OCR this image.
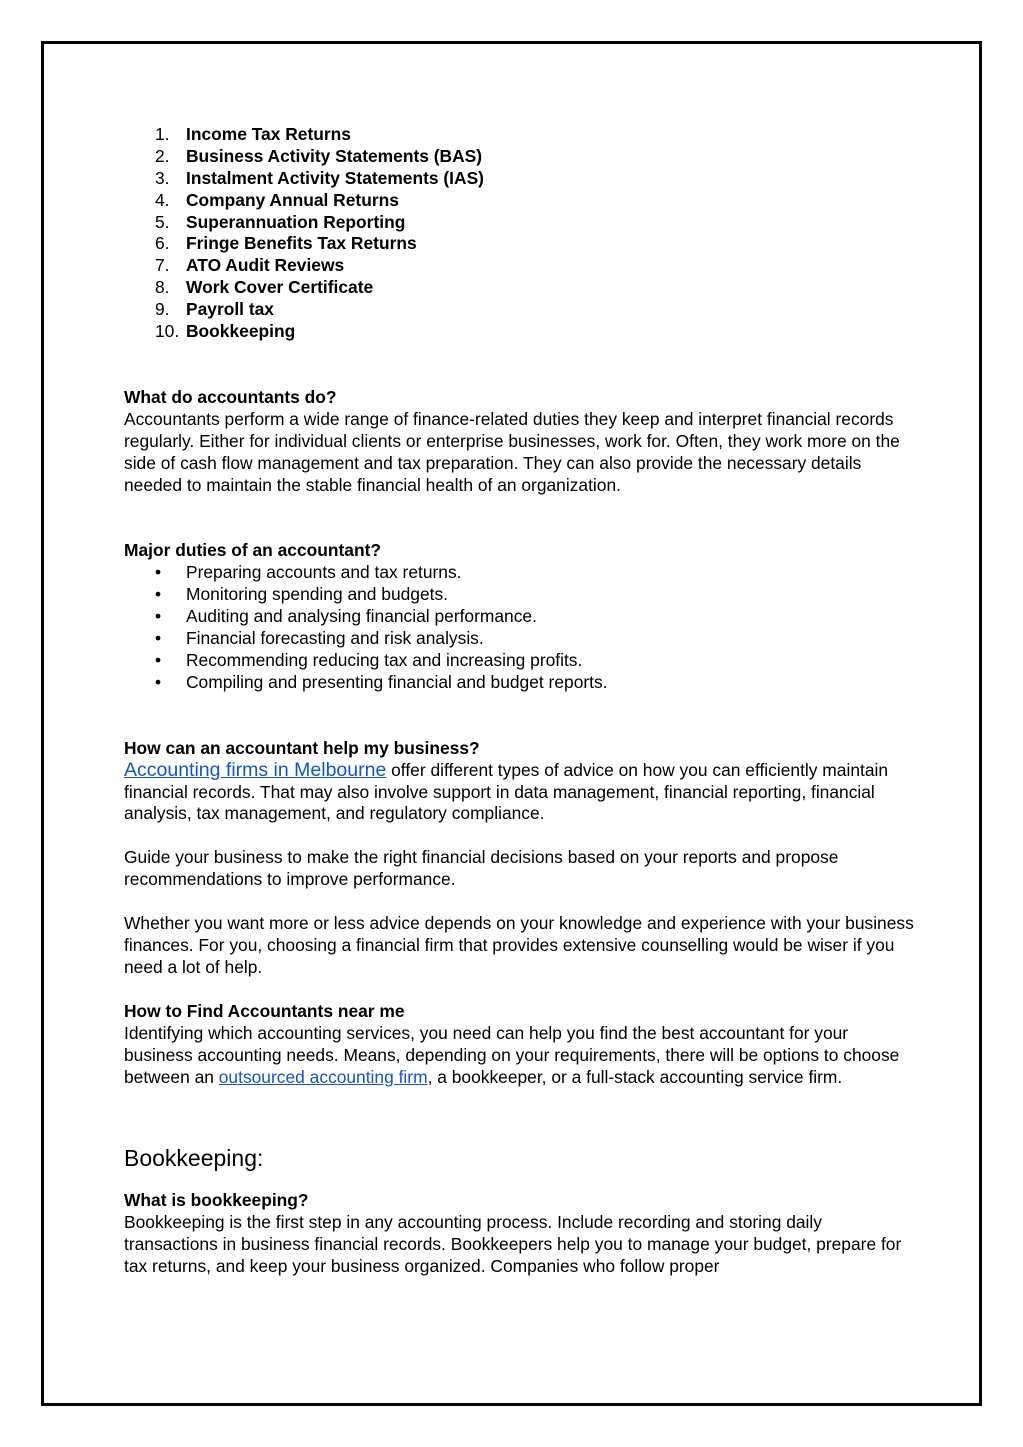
1. Income Tax Returns
2. Business Activity Statements (BAS)
3. Instalment Activity Statements (IAS)
4. Company Annual Returns
5. Superannuation Reporting
6. Fringe Benefits Tax Returns
7. ATO Audit Reviews
8. Work Cover Certificate
9. Payroll tax
10. Bookkeeping
What do accountants do?

Accountants perform a wide range of finance-related duties they keep and interpret financial records regularly. Either for individual clients or enterprise businesses, work for. Often, they work more on the side of cash flow management and tax preparation. They can also provide the necessary details needed to maintain the stable financial health of an organization.

Major duties of an accountant?
• Preparing accounts and tax returns.
• Monitoring spending and budgets.
• Auditing and analysing financial performance.
• Financial forecasting and risk analysis.
• Recommending reducing tax and increasing profits.
• Compiling and presenting financial and budget reports.
How can an accountant help my business?

Accounting firms in Melbourne offer different types of advice on how you can efficiently maintain financial records. That may also involve support in data management, financial reporting, financial analysis, tax management, and regulatory compliance.

Guide your business to make the right financial decisions based on your reports and propose recommendations to improve performance.

Whether you want more or less advice depends on your knowledge and experience with your business finances. For you, choosing a financial firm that provides extensive counselling would be wiser if you need a lot of help.

How to Find Accountants near me

Identifying which accounting services, you need can help you find the best accountant for your business accounting needs. Means, depending on your requirements, there will be options to choose between an outsourced accounting firm, a bookkeeper, or a full-stack accounting service firm.

Bookkeeping:
What is bookkeeping?

Bookkeeping is the first step in any accounting process. Include recording and storing daily transactions in business financial records. Bookkeepers help you to manage your budget, prepare for tax returns, and keep your business organized. Companies who follow proper
